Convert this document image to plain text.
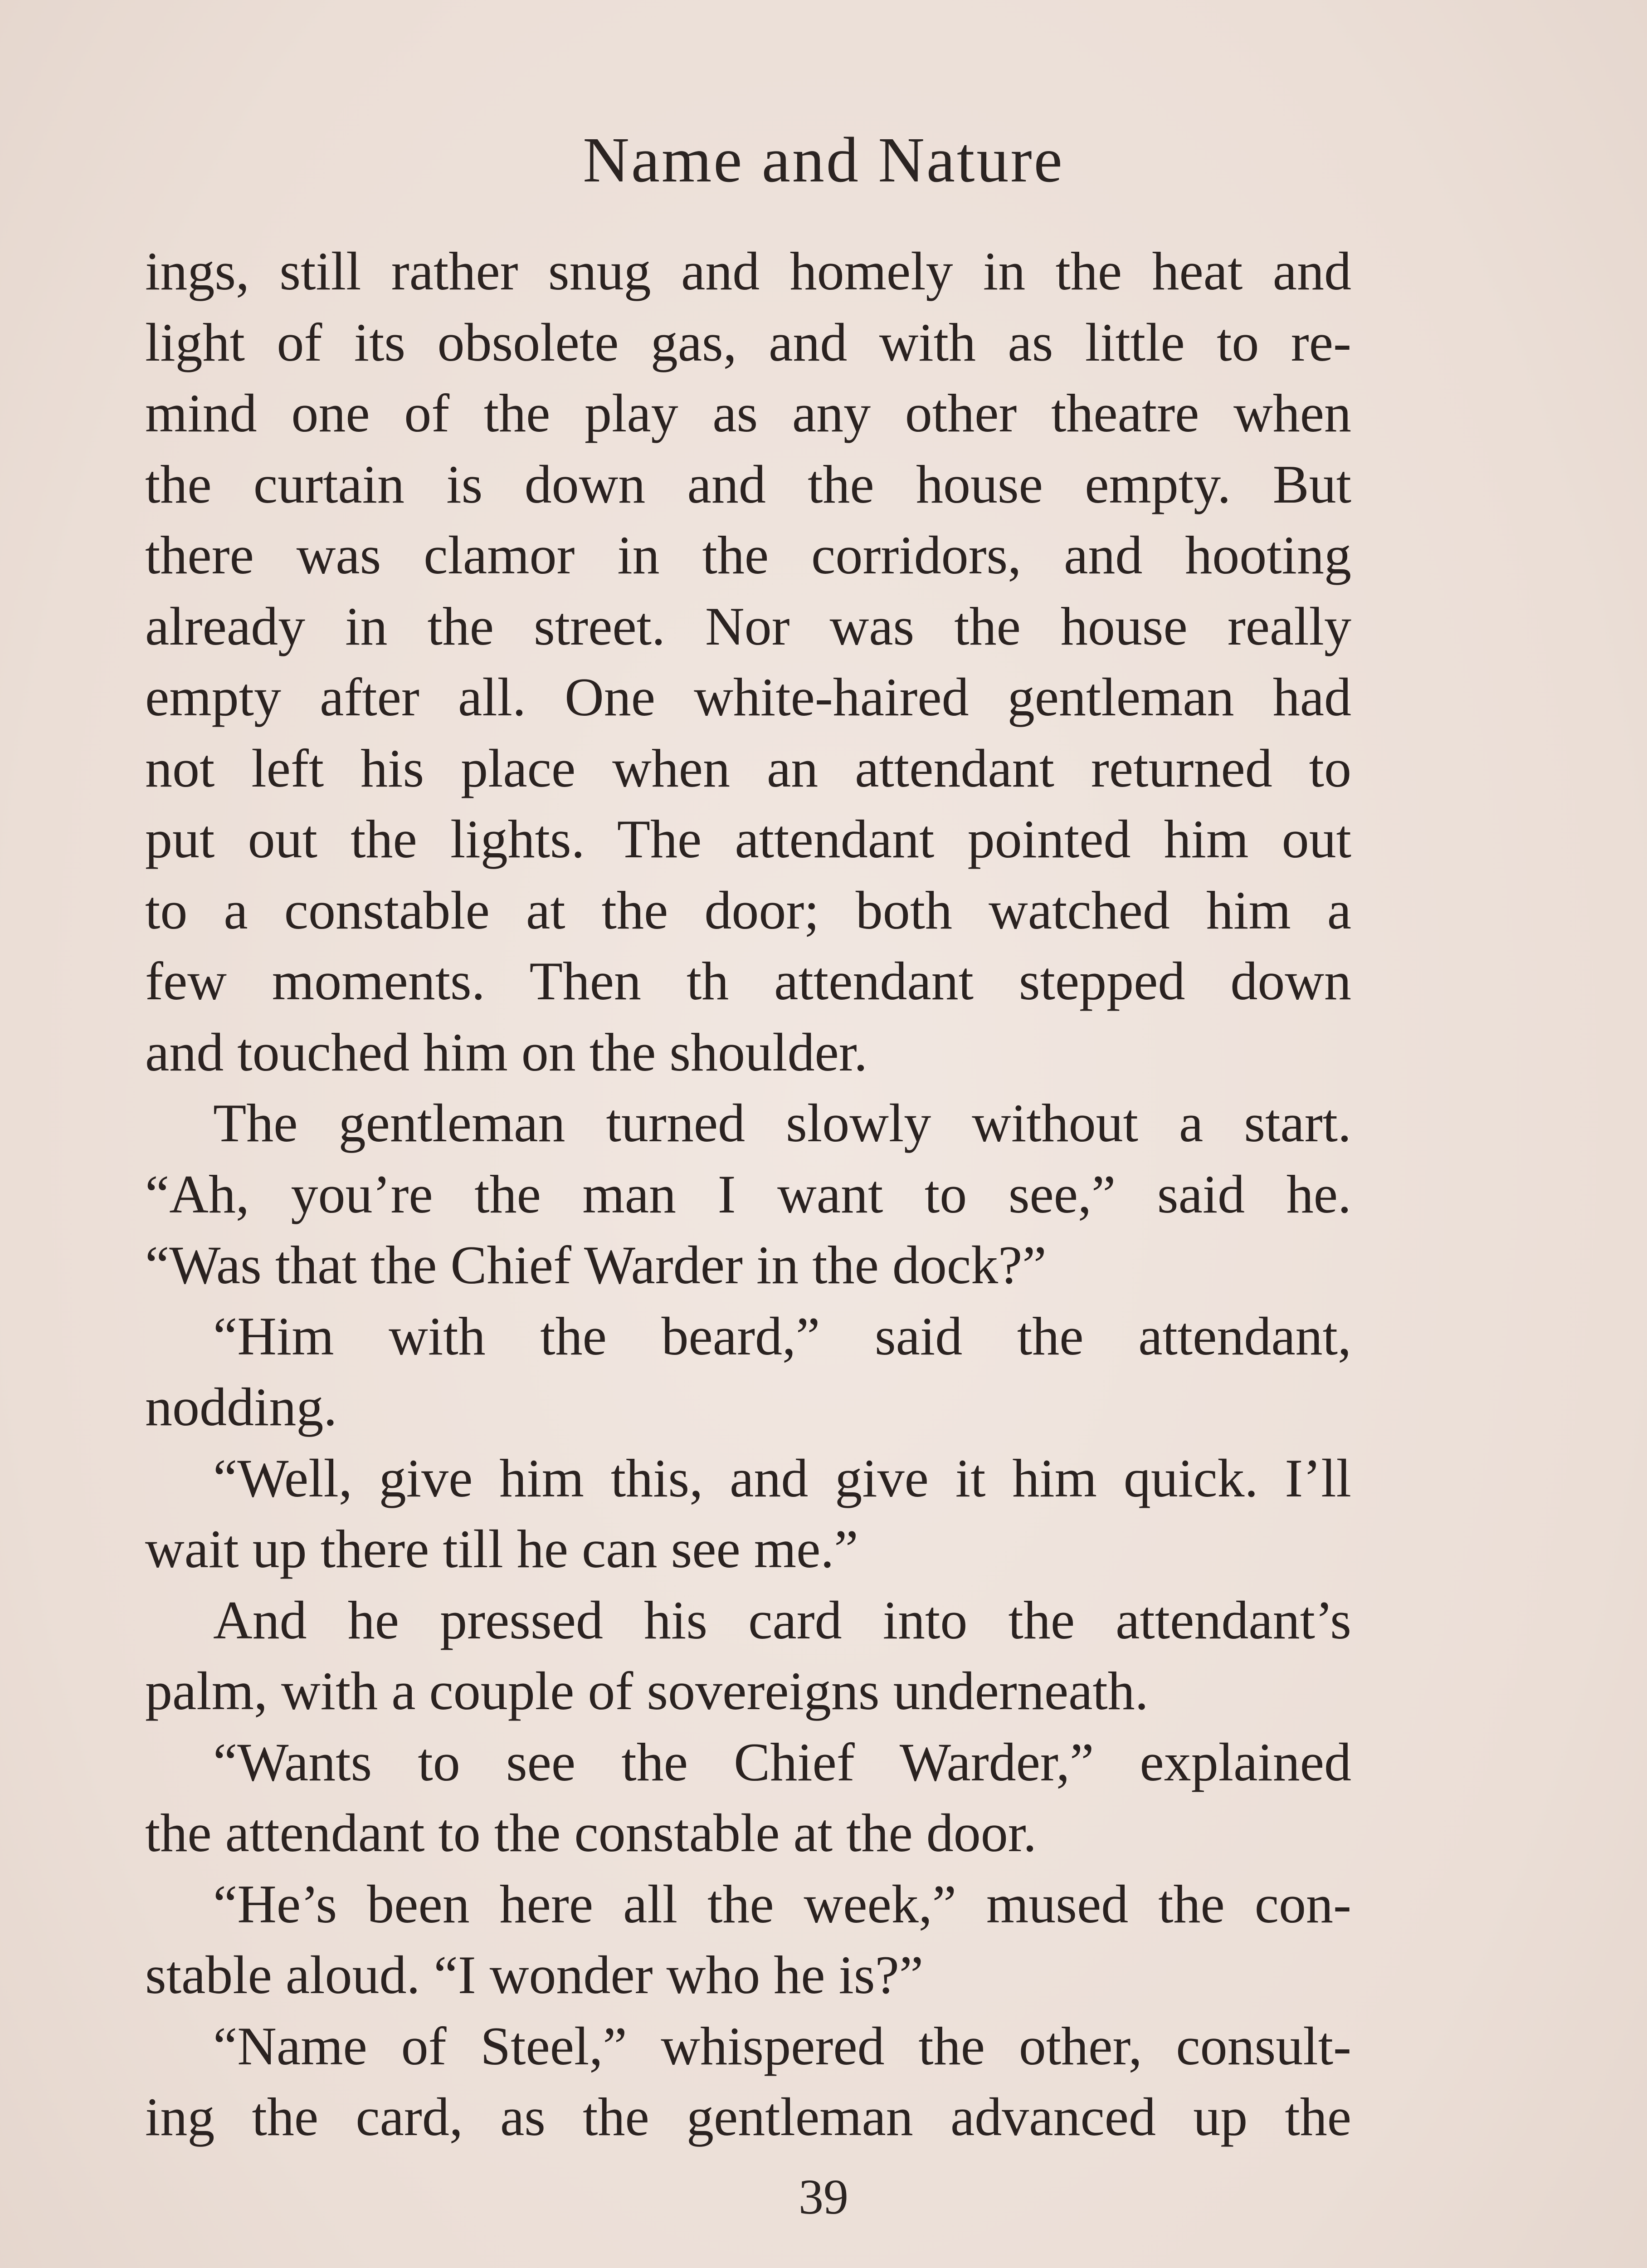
Name and Nature
ings, still rather snug and homely in the heat and
light of its obsolete gas, and with as little to re-
mind one of the play as any other theatre when
the curtain is down and the house empty. But
there was clamor in the corridors, and hooting
already in the street. Nor was the house really
empty after all. One white-haired gentleman had
not left his place when an attendant returned to
put out the lights. The attendant pointed him out
to a constable at the door; both watched him a
few moments. Then th attendant stepped down
and touched him on the shoulder.
The gentleman turned slowly without a start.
“Ah, you’re the man I want to see,” said he.
“Was that the Chief Warder in the dock?”
“Him with the beard,” said the attendant,
nodding.
“Well, give him this, and give it him quick. I’ll
wait up there till he can see me.”
And he pressed his card into the attendant’s
palm, with a couple of sovereigns underneath.
“Wants to see the Chief Warder,” explained
the attendant to the constable at the door.
“He’s been here all the week,” mused the con-
stable aloud. “I wonder who he is?”
“Name of Steel,” whispered the other, consult-
ing the card, as the gentleman advanced up the
39
